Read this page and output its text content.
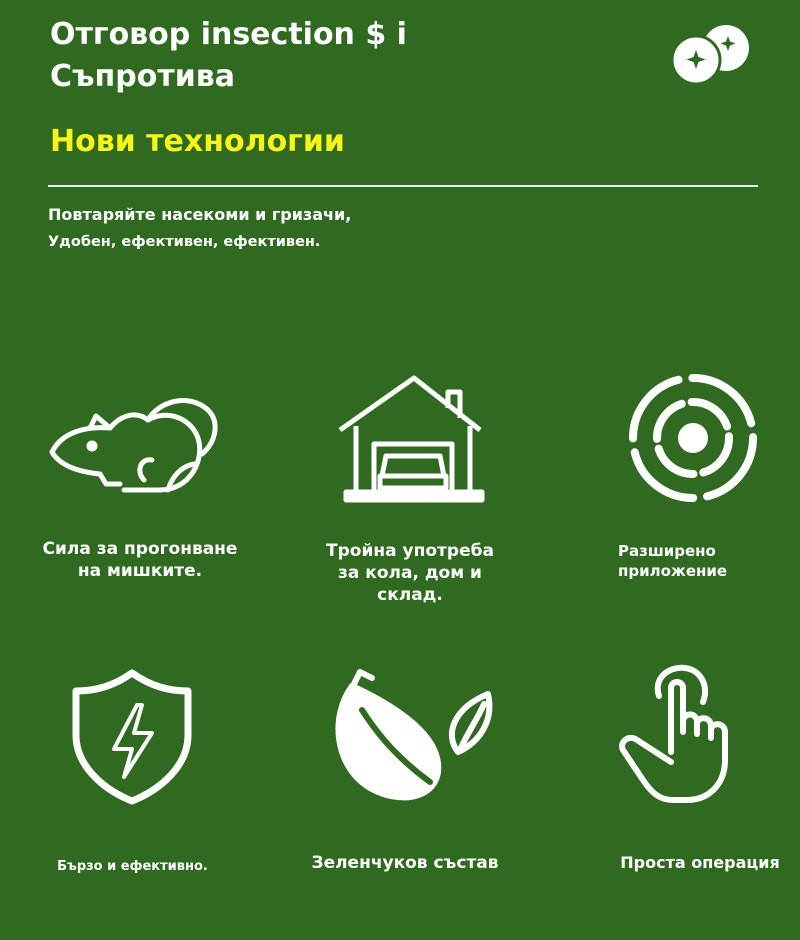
Отговор insection $ i
Съпротива
Нови технологии

Повтаряйте насекоми и гризачи,

Удобен, ефективен, ефективен.

Сила за прогонване
на мишките.

Тройна употреба
за кола, дом и
склад.

Разширено
приложение

Бързо и ефективно.	Зеленчуков състав	Проста операция
